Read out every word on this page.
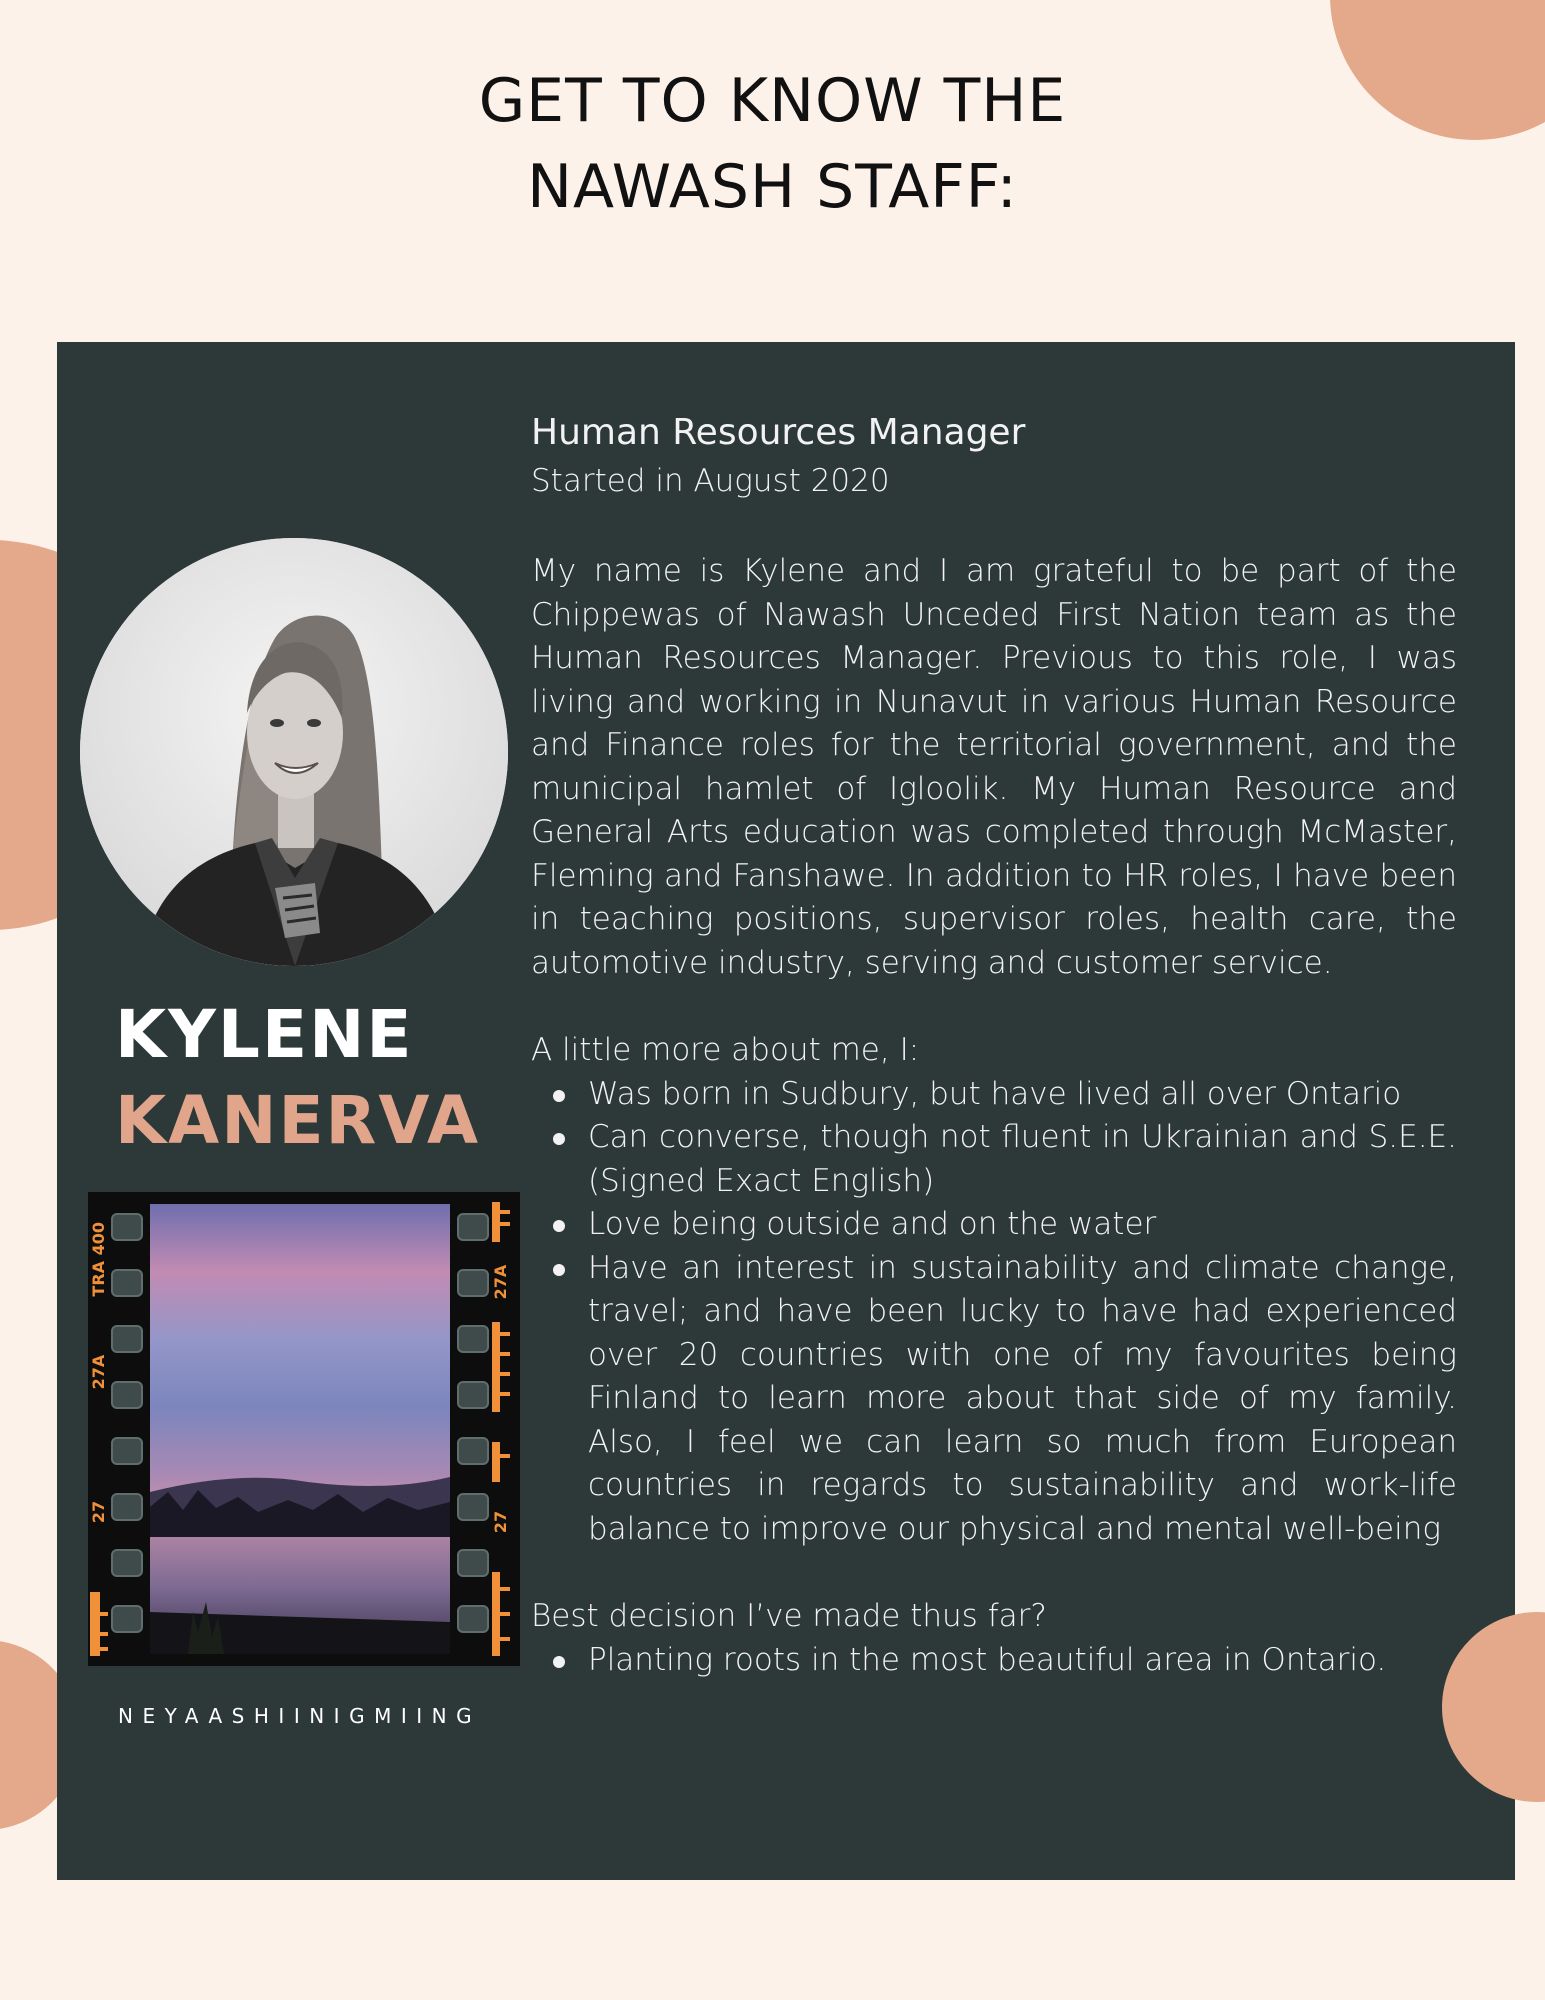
GET TO KNOW THE
NAWASH STAFF:

KYLENE

KANERVA

TRA 400
27A
27
27A
27

NEYAASHIINIGMIING

Human Resources Manager

Started in August 2020

My name is Kylene and I am grateful to be part of the Chippewas of Nawash Unceded First Nation team as the Human Resources Manager. Previous to this role, I was living and working in Nunavut in various Human Resource and Finance roles for the territorial government, and the municipal hamlet of Igloolik. My Human Resource and General Arts education was completed through McMaster, Fleming and Fanshawe. In addition to HR roles, I have been in teaching positions, supervisor roles, health care, the automotive industry, serving and customer service.

A little more about me, I:

Was born in Sudbury, but have lived all over Ontario
Can converse, though not fluent in Ukrainian and S.E.E. (Signed Exact English)
Love being outside and on the water
Have an interest in sustainability and climate change, travel; and have been lucky to have had experienced over 20 countries with one of my favourites being Finland to learn more about that side of my family. Also, I feel we can learn so much from European countries in regards to sustainability and work-life balance to improve our physical and mental well-being

Best decision I’ve made thus far?

Planting roots in the most beautiful area in Ontario.
